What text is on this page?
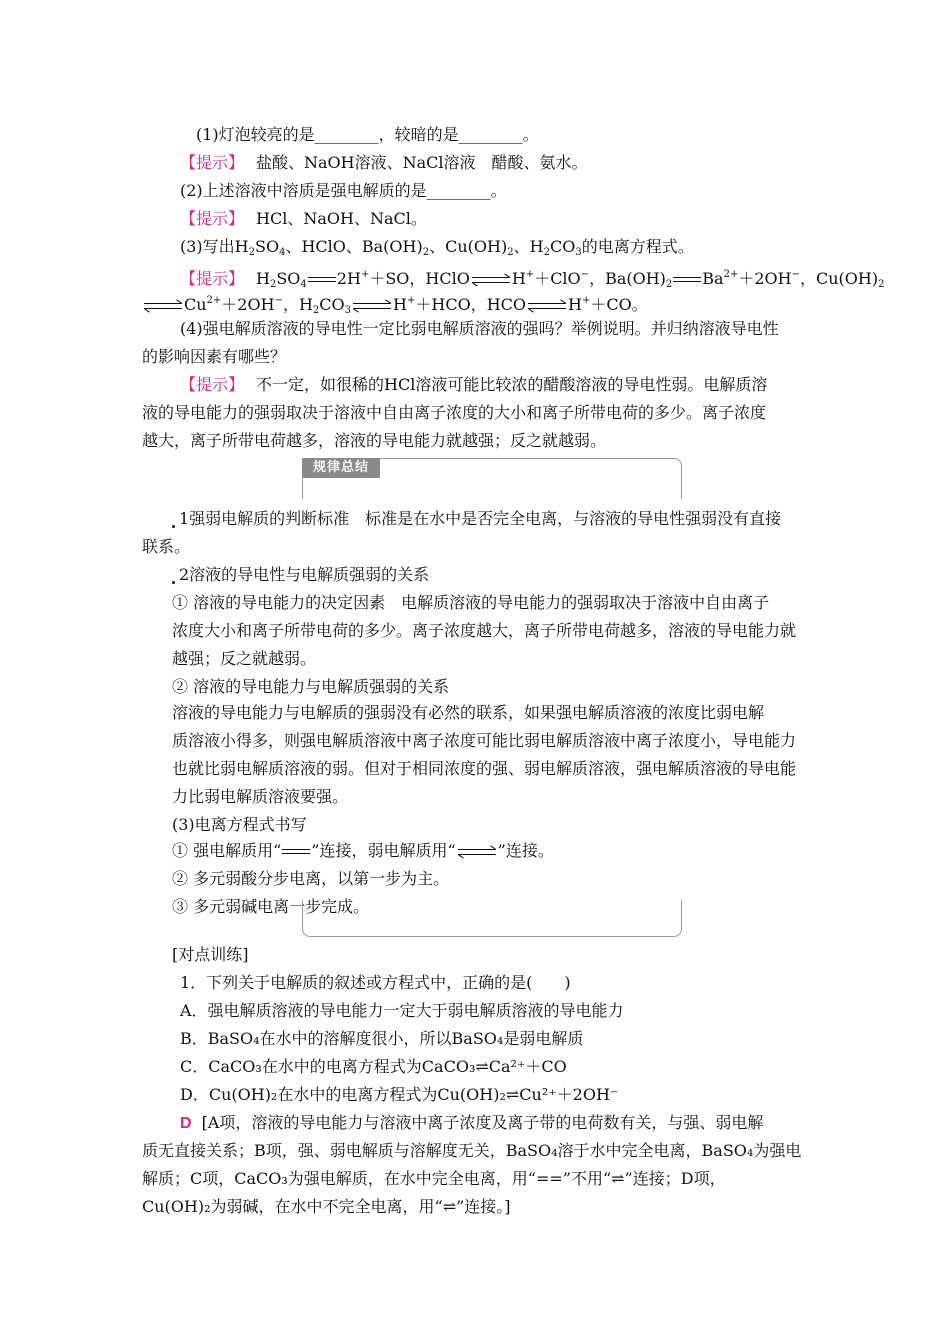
(1)灯泡较亮的是________，较暗的是________。
【提示】 盐酸、NaOH溶液、NaCl溶液　醋酸、氨水。
(2)上述溶液中溶质是强电解质的是________。
【提示】 HCl、NaOH、NaCl。
(3)写出$H_2SO_4$、HClO、$Ba(OH)_2$、$Cu(OH)_2$、$H_2CO_3$的电离方程式。
【提示】 $H_2SO_4$ 2H+＋SO，HClO	H+＋ClO−，$Ba(OH)_2$ $Ba^{2+}+2OH^-$，$Cu(OH)_2$
$Cu^{2+}+2OH^-$，$H_2CO_3$	H+＋HCO，HCO	H+＋CO。
(4)强电解质溶液的导电性一定比弱电解质溶液的强吗？举例说明。并归纳溶液导电性
的影响因素有哪些？
【提示】 不一定，如很稀的HCl溶液可能比较浓的醋酸溶液的导电性弱。电解质溶
液的导电能力的强弱取决于溶液中自由离子浓度的大小和离子所带电荷的多少。离子浓度
越大，离子所带电荷越多，溶液的导电能力就越强；反之就越弱。
规律总结
1强弱电解质的判断标准　标准是在水中是否完全电离，与溶液的导电性强弱没有直接
联系。
2溶液的导电性与电解质强弱的关系
① 溶液的导电能力的决定因素　电解质溶液的导电能力的强弱取决于溶液中自由离子
浓度大小和离子所带电荷的多少。离子浓度越大，离子所带电荷越多，溶液的导电能力就
越强；反之就越弱。
② 溶液的导电能力与电解质强弱的关系
溶液的导电能力与电解质的强弱没有必然的联系，如果强电解质溶液的浓度比弱电解
质溶液小得多，则强电解质溶液中离子浓度可能比弱电解质溶液中离子浓度小，导电能力
也就比弱电解质溶液的弱。但对于相同浓度的强、弱电解质溶液，强电解质溶液的导电能
力比弱电解质溶液要强。
(3)电离方程式书写
① 强电解质用“ ”连接，弱电解质用“	”连接。
② 多元弱酸分步电离，以第一步为主。
③ 多元弱碱电离一步完成。
[对点训练]
1．下列关于电解质的叙述或方程式中，正确的是(　　)
A．强电解质溶液的导电能力一定大于弱电解质溶液的导电能力
B．BaSO₄在水中的溶解度很小，所以BaSO₄是弱电解质
C．CaCO₃在水中的电离方程式为CaCO₃⇌Ca²⁺＋CO
D．Cu(OH)₂在水中的电离方程式为Cu(OH)₂⇌Cu²⁺＋2OH⁻
D [A项，溶液的导电能力与溶液中离子浓度及离子带的电荷数有关，与强、弱电解
质无直接关系；B项，强、弱电解质与溶解度无关，BaSO₄溶于水中完全电离，BaSO₄为强电
解质；C项，CaCO₃为强电解质，在水中完全电离，用“==”不用“⇌”连接；D项，
Cu(OH)₂为弱碱，在水中不完全电离，用“⇌”连接。]
